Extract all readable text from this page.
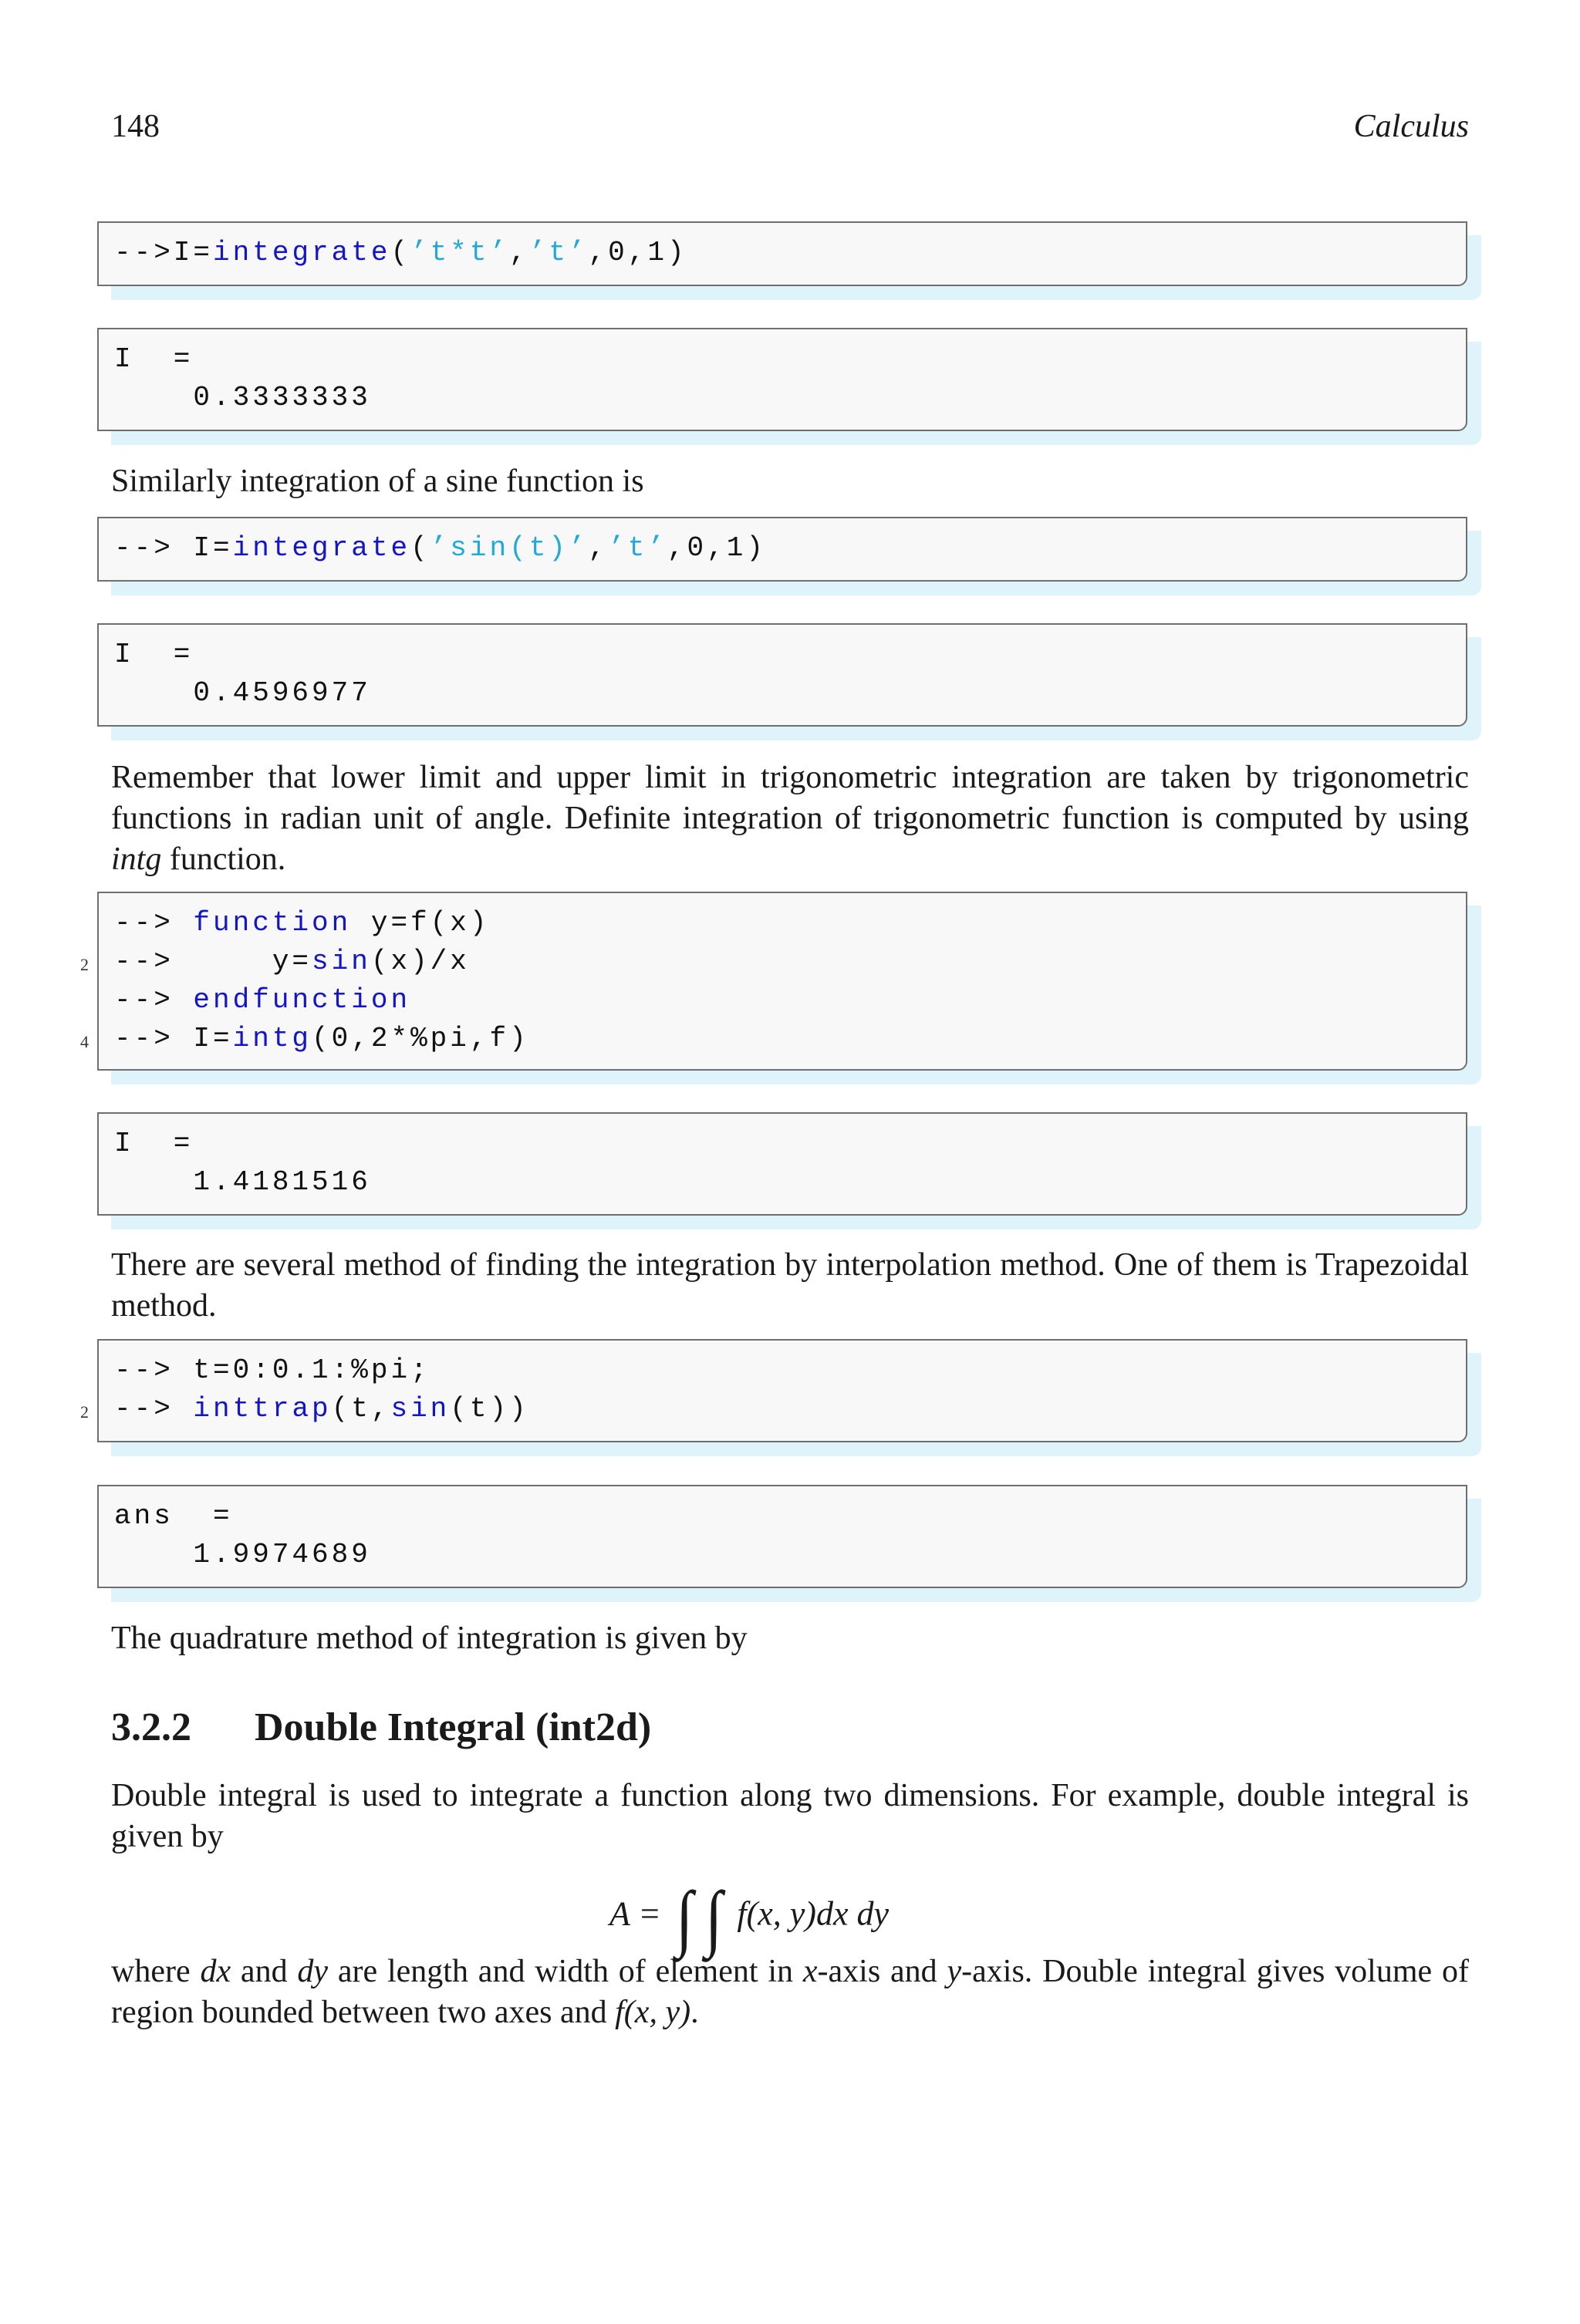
148	Calculus
-->I=integrate(’t*t’,’t’,0,1)
I  =
0.3333333
Similarly integration of a sine function is
--> I=integrate(’sin(t)’,’t’,0,1)
I  =
0.4596977
Remember that lower limit and upper limit in trigonometric integration are taken by trigonometric functions in radian unit of angle. Definite integration of trigonometric function is computed by using intg function.
--> function y=f(x)
-->     y=sin(x)/x
--> endfunction
--> I=intg(0,2*%pi,f)
2
4
I  =
1.4181516
There are several method of finding the integration by interpolation method. One of them is Trapezoidal method.
--> t=0:0.1:%pi;
--> inttrap(t,sin(t))
2
ans  =
1.9974689
The quadrature method of integration is given by
3.2.2 Double Integral (int2d)
Double integral is used to integrate a function along two dimensions. For example, double integral is given by
A = ∫ ∫ f(x, y)dx dy
where dx and dy are length and width of element in x-axis and y-axis. Double integral gives volume of region bounded between two axes and f(x, y).
